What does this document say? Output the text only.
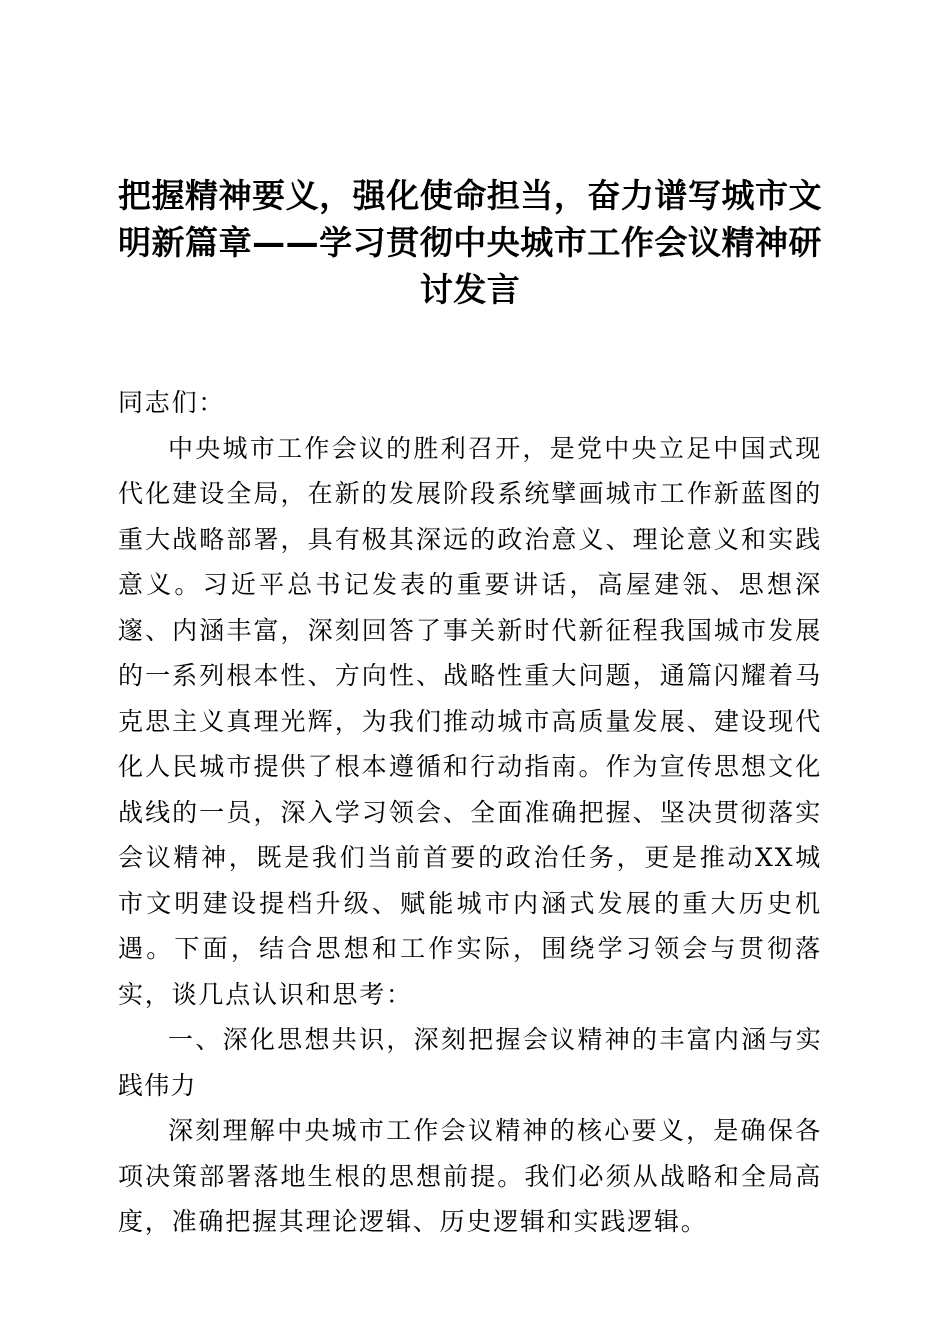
把握精神要义，强化使命担当，奋力谱写城市文明新篇章——学习贯彻中央城市工作会议精神研讨发言

同志们：

中央城市工作会议的胜利召开，是党中央立足中国式现代化建设全局，在新的发展阶段系统擘画城市工作新蓝图的重大战略部署，具有极其深远的政治意义、理论意义和实践意义。习近平总书记发表的重要讲话，高屋建瓴、思想深邃、内涵丰富，深刻回答了事关新时代新征程我国城市发展的一系列根本性、方向性、战略性重大问题，通篇闪耀着马克思主义真理光辉，为我们推动城市高质量发展、建设现代化人民城市提供了根本遵循和行动指南。作为宣传思想文化战线的一员，深入学习领会、全面准确把握、坚决贯彻落实会议精神，既是我们当前首要的政治任务，更是推动XX城市文明建设提档升级、赋能城市内涵式发展的重大历史机遇。下面，结合思想和工作实际，围绕学习领会与贯彻落实，谈几点认识和思考：

一、深化思想共识，深刻把握会议精神的丰富内涵与实践伟力

深刻理解中央城市工作会议精神的核心要义，是确保各项决策部署落地生根的思想前提。我们必须从战略和全局高度，准确把握其理论逻辑、历史逻辑和实践逻辑。
